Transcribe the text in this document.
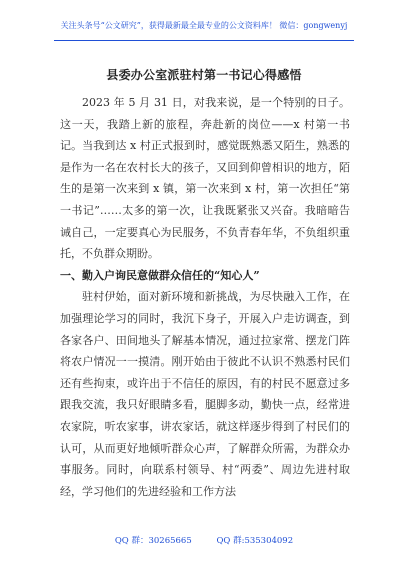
关注头条号“公文研究”，获得最新最全最专业的公文资料库！ 微信：gongwenyj
县委办公室派驻村第一书记心得感悟

2023 年 5 月 31 日，对我来说，是一个特别的日子。这一天，我踏上新的旅程，奔赴新的岗位——x 村第一书记。当我到达 x 村正式报到时，感觉既熟悉又陌生，熟悉的是作为一名在农村长大的孩子，又回到仰曾相识的地方，陌生的是第一次来到 x 镇，第一次来到 x 村，第一次担任“第一书记”……太多的第一次，让我既紧张又兴奋。我暗暗告诫自己，一定要真心为民服务，不负青春年华，不负组织重托，不负群众期盼。

一、勤入户询民意做群众信任的“知心人”

驻村伊始，面对新环境和新挑战，为尽快融入工作，在加强理论学习的同时，我沉下身子，开展入户走访调查，到各家各户、田间地头了解基本情况，通过拉家常、摆龙门阵将农户情况一一摸清。刚开始由于彼此不认识不熟悉村民们还有些拘束，或许出于不信任的原因，有的村民不愿意过多跟我交流，我只好眼睛多看，腿脚多动，勤快一点，经常进农家院，听农家事，讲农家话，就这样逐步得到了村民们的认可，从而更好地倾听群众心声，了解群众所需，为群众办事服务。同时，向联系村领导、村“两委”、周边先进村取经，学习他们的先进经验和工作方法

QQ 群：30265665	QQ 群:535304092
